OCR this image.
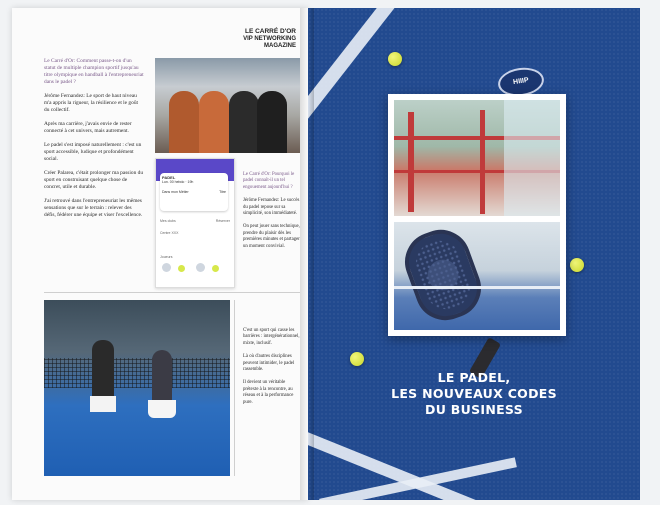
LE CARRÉ D'OR
VIP NETWORKING
MAGAZINE

Le Carré d'Or: Comment passe-t-on d'un statut de multiple champion sportif jusqu'au titre olympique en handball à l'entrepreneuriat dans le padel ?

Jérôme Fernandez: Le sport de haut niveau m'a appris la rigueur, la résilience et le goût du collectif.

Après ma carrière, j'avais envie de rester connecté à cet univers, mais autrement.

Le padel s'est imposé naturellement : c'est un sport accessible, ludique et profondément social.

Créer Palarea, c'était prolonger ma passion du sport en construisant quelque chose de concret, utile et durable.

J'ai retrouvé dans l'entrepreneuriat les mêmes sensations que sur le terrain : relever des défis, fédérer une équipe et viser l'excellence.

PADEL
Lun. 00 hebdo · 19h
Dans mon Métier	Titre
Mes clubs	Réserver
Centre XXX
Joueurs

Le Carré d'Or: Pourquoi le padel connaît-il un tel engouement aujourd'hui ?

Jérôme Fernandez: Le succès du padel repose sur sa simplicité, son immédiateté.

On peut jouer sans technique, prendre du plaisir dès les premières minutes et partager un moment convivial.

C'est un sport qui casse les barrières : intergénérationnel, mixte, inclusif.

Là où d'autres disciplines peuvent intimider, le padel rassemble.

Il devient un véritable prétexte à la rencontre, au réseau et à la performance pure.

HIIIP
LE PADEL,
LES NOUVEAUX CODES
DU BUSINESS
